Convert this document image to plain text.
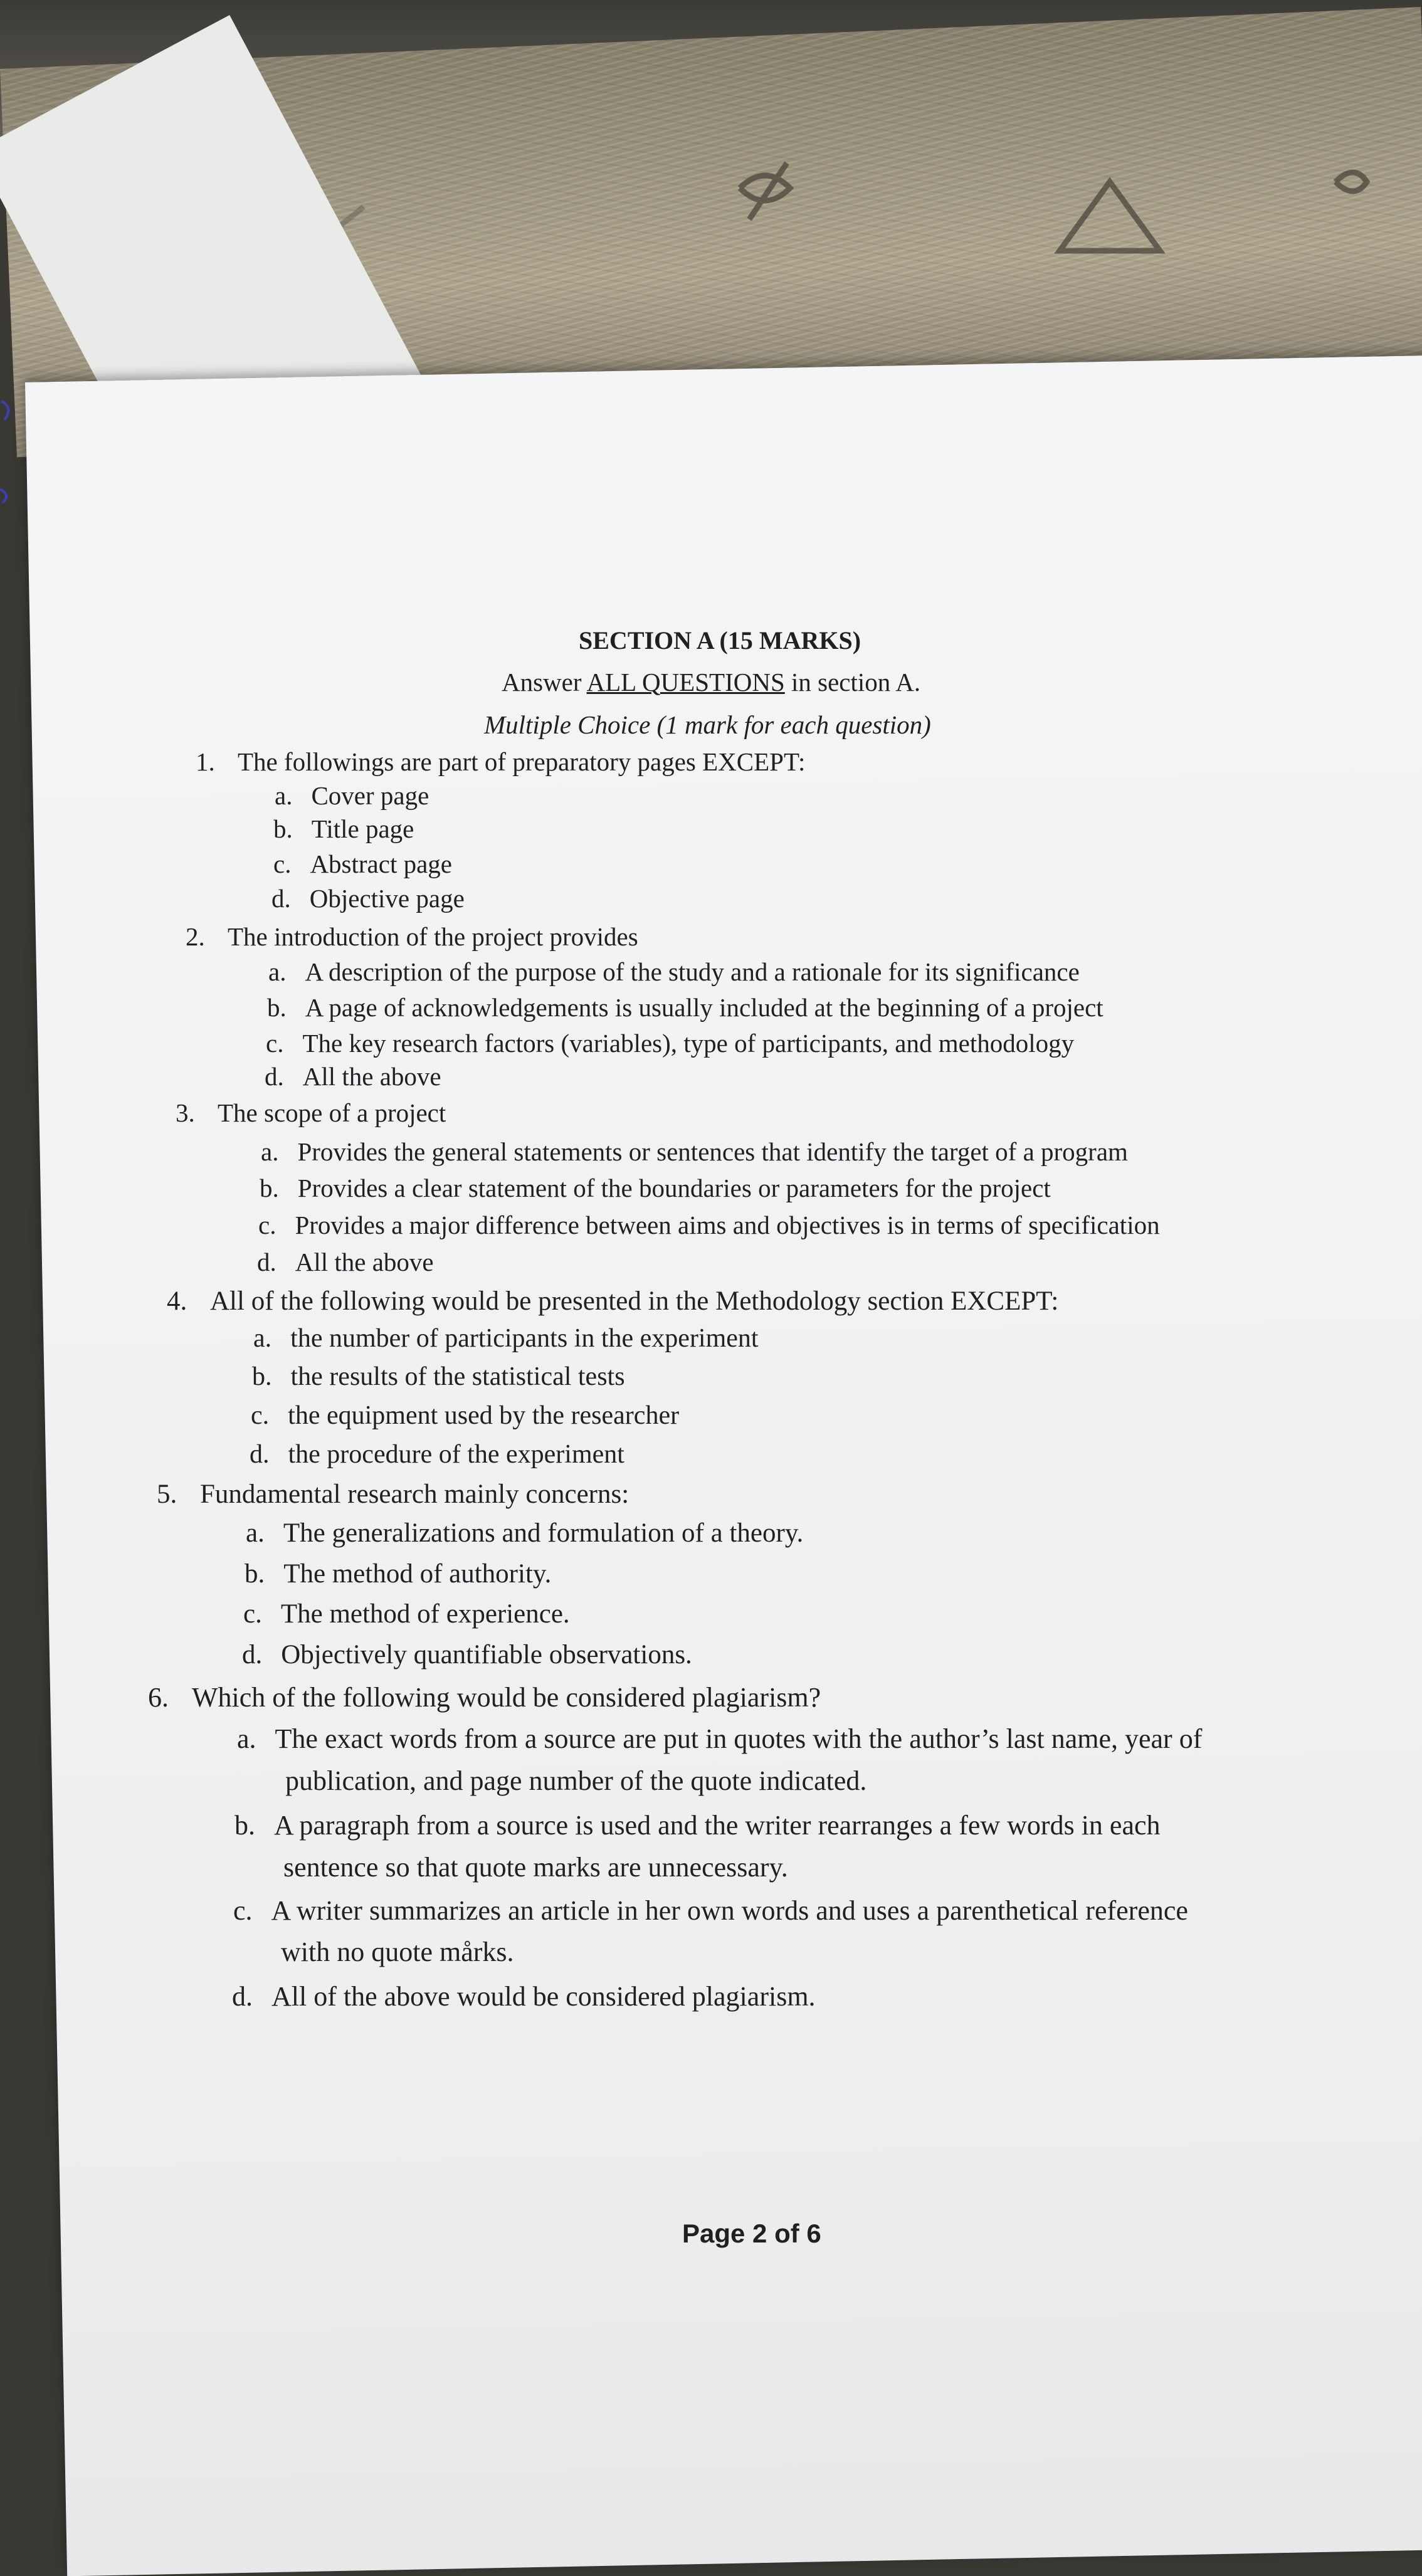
SECTION A (15 MARKS)
Answer ALL QUESTIONS in section A.
Multiple Choice (1 mark for each question)
1. The followings are part of preparatory pages EXCEPT:
a. Cover page
b. Title page
c. Abstract page
d. Objective page
2. The introduction of the project provides
a. A description of the purpose of the study and a rationale for its significance
b. A page of acknowledgements is usually included at the beginning of a project
c. The key research factors (variables), type of participants, and methodology
d. All the above
3. The scope of a project
a. Provides the general statements or sentences that identify the target of a program
b. Provides a clear statement of the boundaries or parameters for the project
c. Provides a major difference between aims and objectives is in terms of specification
d. All the above
4. All of the following would be presented in the Methodology section EXCEPT:
a. the number of participants in the experiment
b. the results of the statistical tests
c. the equipment used by the researcher
d. the procedure of the experiment
5. Fundamental research mainly concerns:
a. The generalizations and formulation of a theory.
b. The method of authority.
c. The method of experience.
d. Objectively quantifiable observations.
6. Which of the following would be considered plagiarism?
a. The exact words from a source are put in quotes with the author’s last name, year of
publication, and page number of the quote indicated.
b. A paragraph from a source is used and the writer rearranges a few words in each
sentence so that quote marks are unnecessary.
c. A writer summarizes an article in her own words and uses a parenthetical reference
with no quote mårks.
d. All of the above would be considered plagiarism.
Page 2 of 6
